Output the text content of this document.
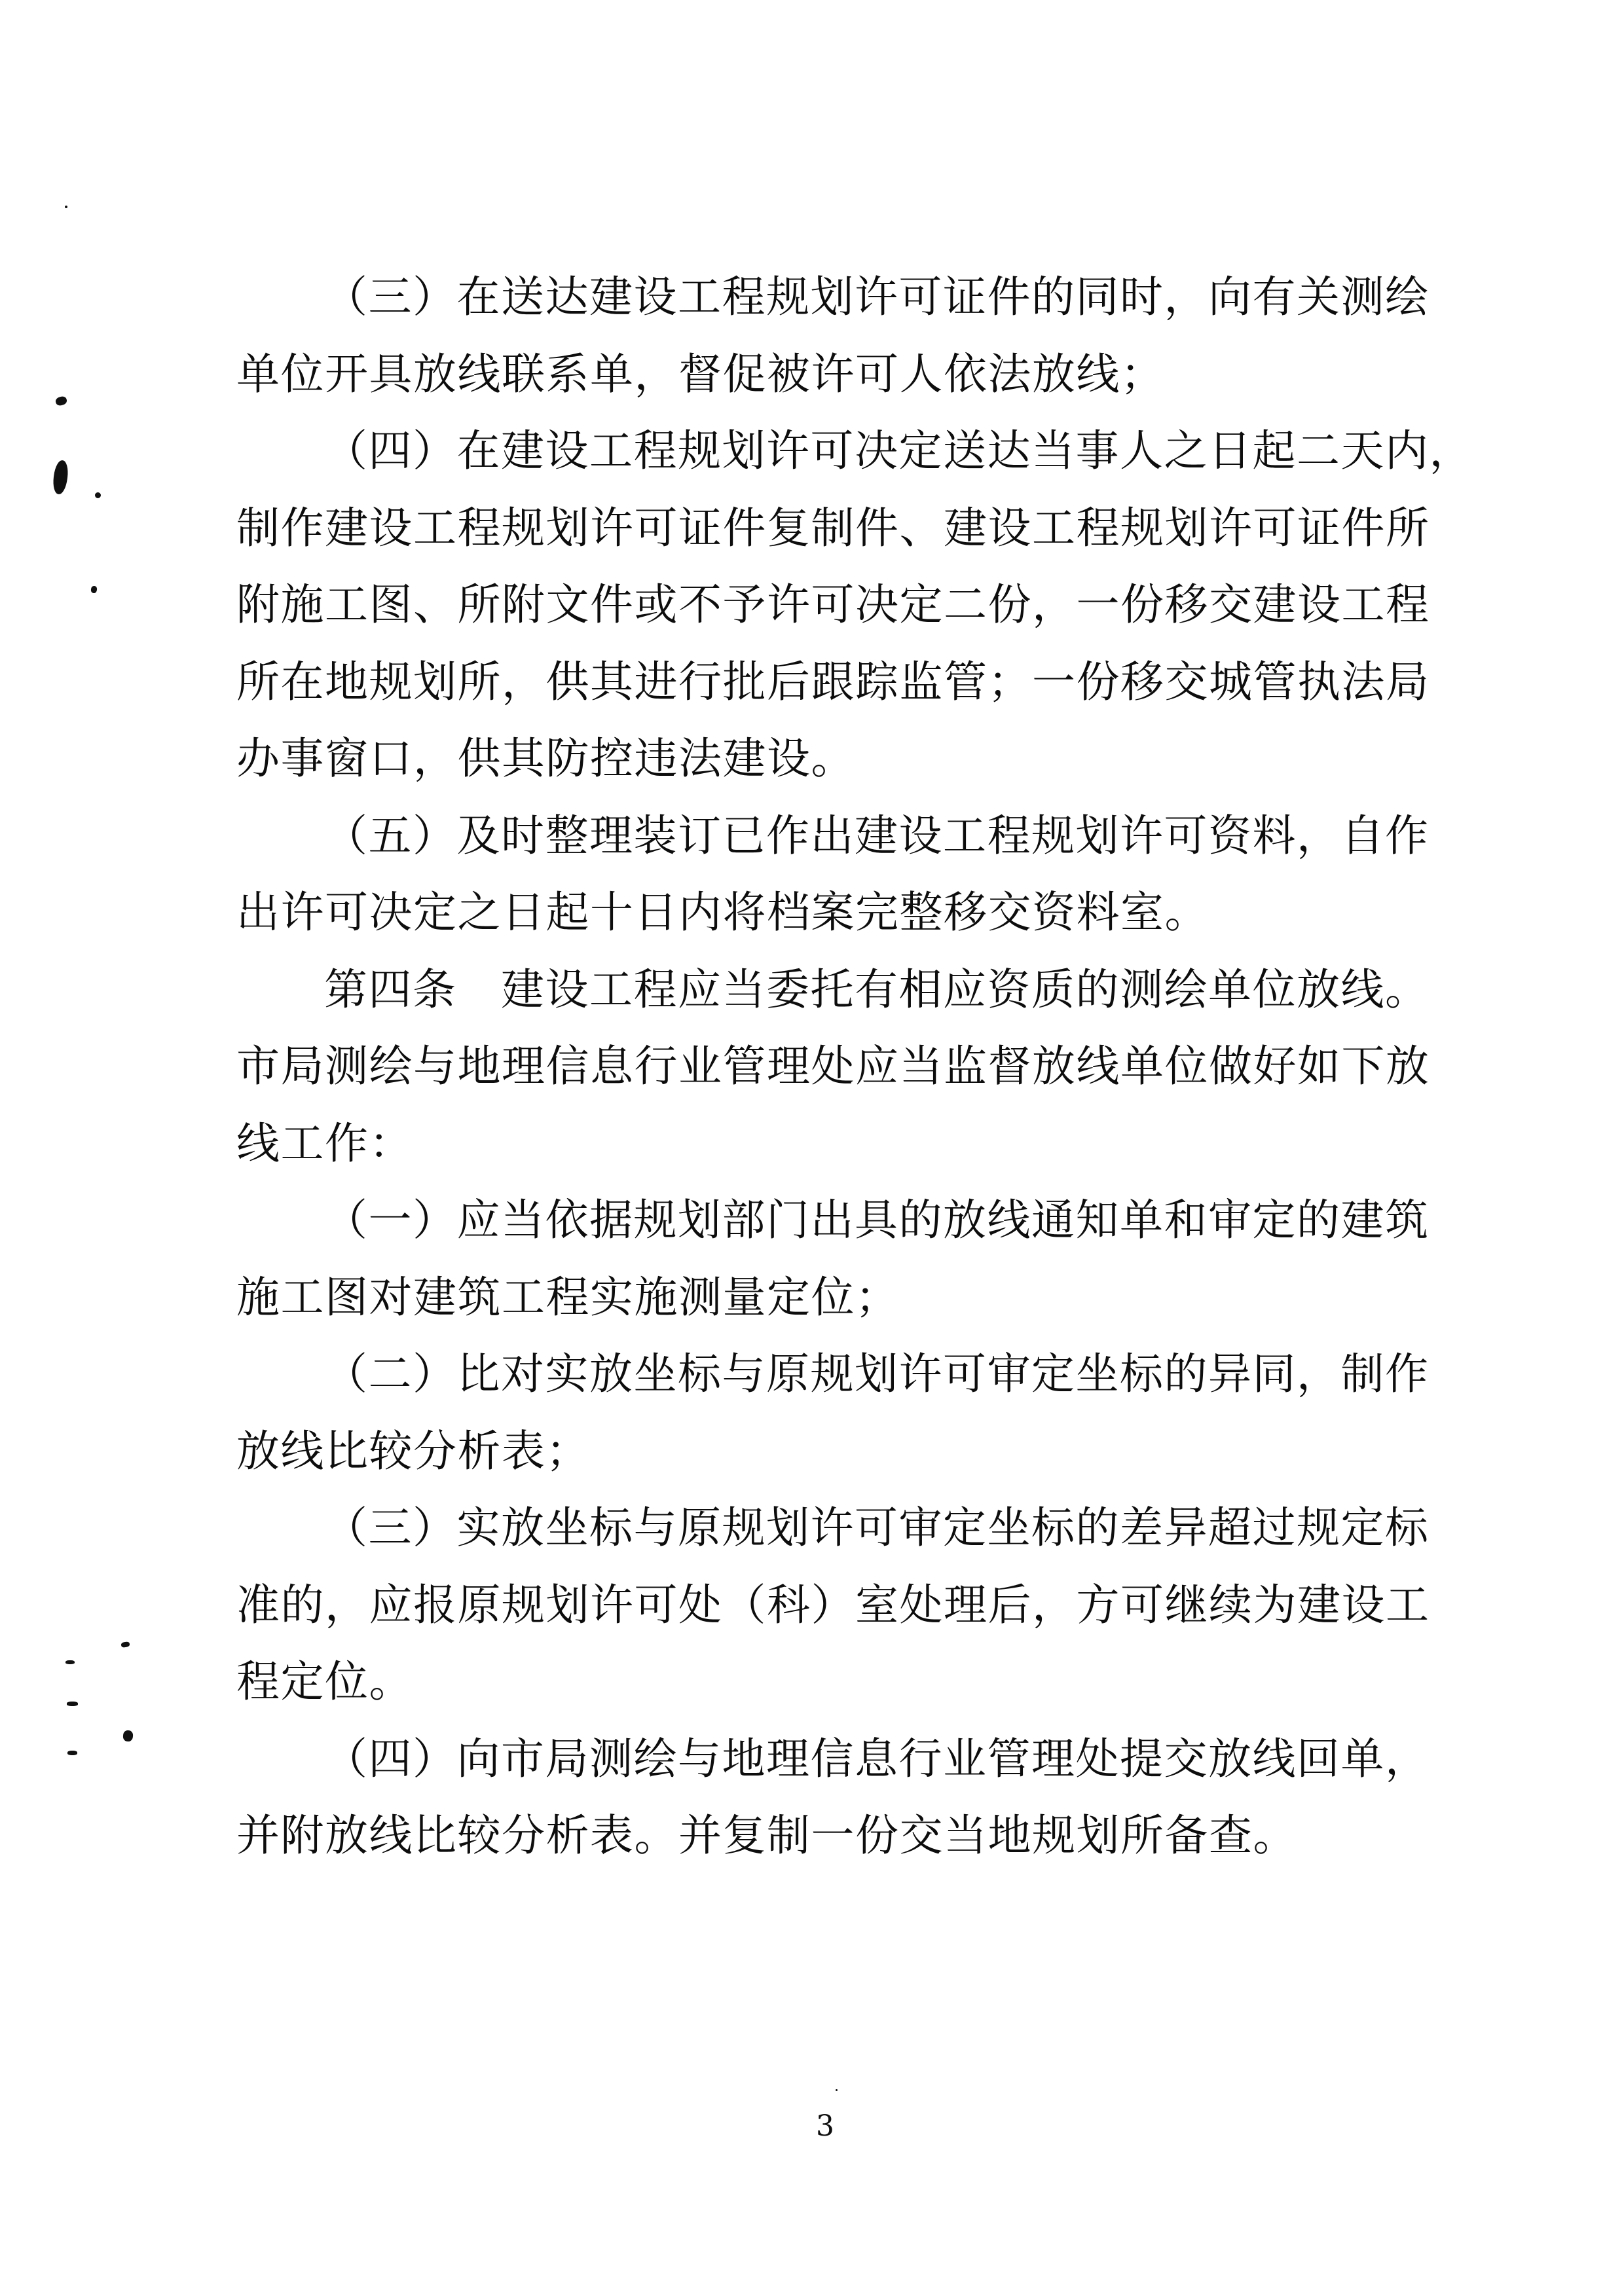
（三）在送达建设工程规划许可证件的同时，向有关测绘
单位开具放线联系单，督促被许可人依法放线；
（四）在建设工程规划许可决定送达当事人之日起二天内，
制作建设工程规划许可证件复制件、建设工程规划许可证件所
附施工图、所附文件或不予许可决定二份，一份移交建设工程
所在地规划所，供其进行批后跟踪监管；一份移交城管执法局
办事窗口，供其防控违法建设。
（五）及时整理装订已作出建设工程规划许可资料，自作
出许可决定之日起十日内将档案完整移交资料室。
第四条　建设工程应当委托有相应资质的测绘单位放线。
市局测绘与地理信息行业管理处应当监督放线单位做好如下放
线工作：
（一）应当依据规划部门出具的放线通知单和审定的建筑
施工图对建筑工程实施测量定位；
（二）比对实放坐标与原规划许可审定坐标的异同，制作
放线比较分析表；
（三）实放坐标与原规划许可审定坐标的差异超过规定标
准的，应报原规划许可处（科）室处理后，方可继续为建设工
程定位。
（四）向市局测绘与地理信息行业管理处提交放线回单，
并附放线比较分析表。并复制一份交当地规划所备查。
3
